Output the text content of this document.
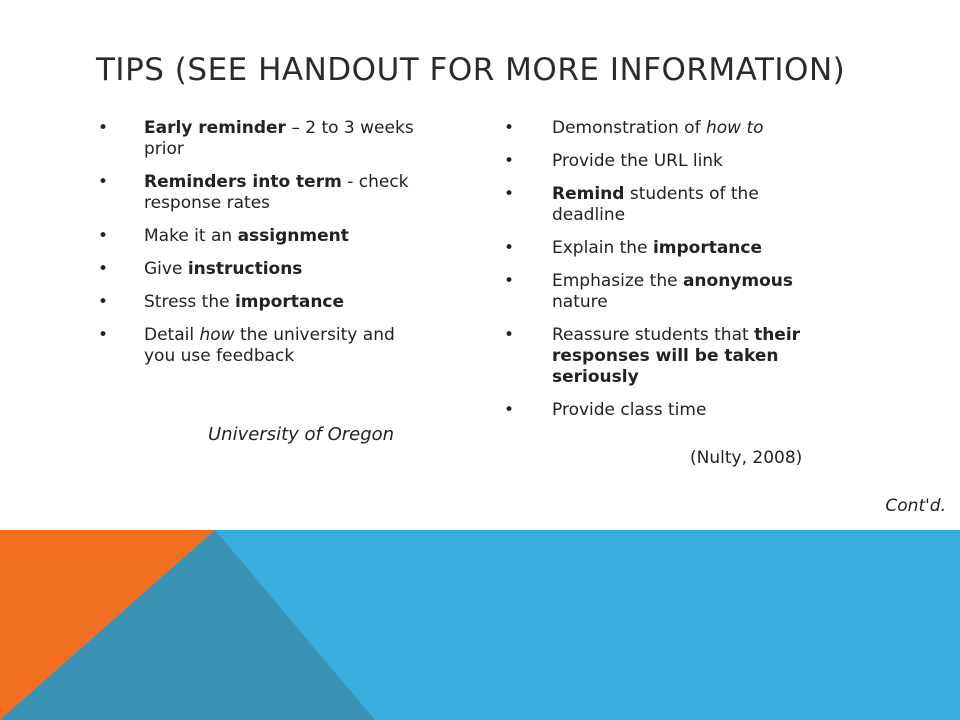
TIPS (SEE HANDOUT FOR MORE INFORMATION)
• Early reminder – 2 to 3 weeks prior
• Reminders into term - check response rates
• Make it an assignment
• Give instructions
• Stress the importance
• Detail how the university and you use feedback
University of Oregon
• Demonstration of how to
• Provide the URL link
• Remind students of the deadline
• Explain the importance
• Emphasize the anonymous nature
• Reassure students that their responses will be taken seriously
• Provide class time
(Nulty, 2008)
Cont'd.
